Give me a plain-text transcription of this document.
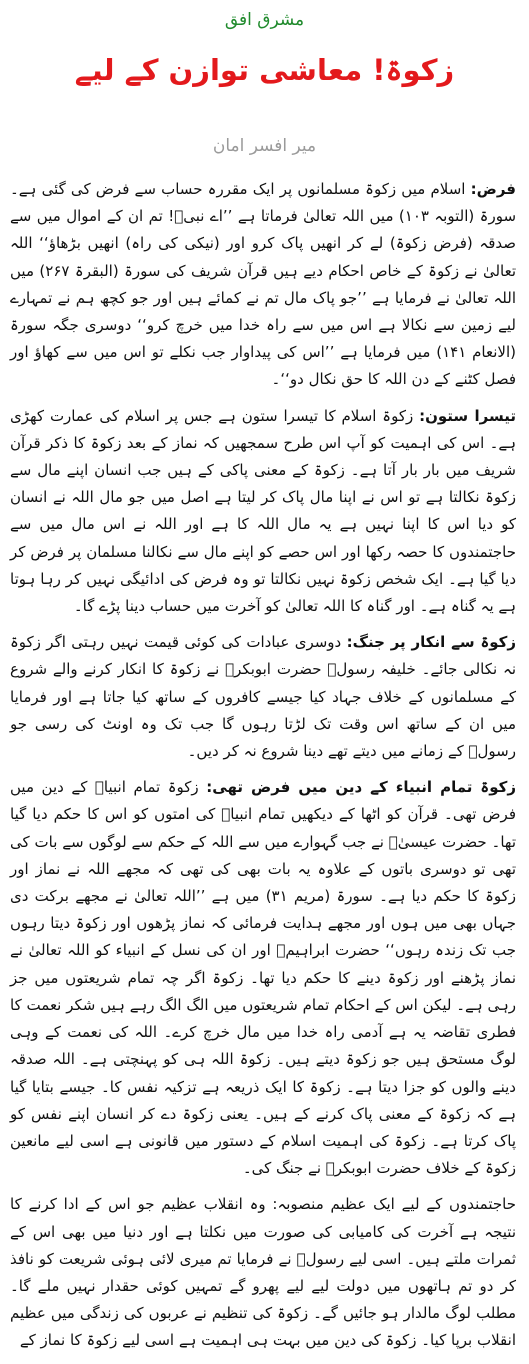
مشرق افق
زکوۃ! معاشی توازن کے لیے
میر افسر امان

فرض: اسلام میں زکوۃ مسلمانوں پر ایک مقررہ حساب سے فرض کی گئی ہے۔ سورۃ (التوبہ ۱۰۳) میں اللہ تعالیٰ فرماتا ہے ’’اے نبیؐ! تم ان کے اموال میں سے صدقہ (فرض زکوۃ) لے کر انھیں پاک کرو اور (نیکی کی راہ) انھیں بڑھاؤ‘‘ اللہ تعالیٰ نے زکوۃ کے خاص احکام دیے ہیں قرآن شریف کی سورۃ (البقرۃ ۲۶۷) میں اللہ تعالیٰ نے فرمایا ہے ’’جو پاک مال تم نے کمائے ہیں اور جو کچھ ہم نے تمہارے لیے زمین سے نکالا ہے اس میں سے راہ خدا میں خرچ کرو‘‘ دوسری جگہ سورۃ (الانعام ۱۴۱) میں فرمایا ہے ’’اس کی پیداوار جب نکلے تو اس میں سے کھاؤ اور فصل کٹنے کے دن اللہ کا حق نکال دو‘‘۔

تیسرا ستون: زکوۃ اسلام کا تیسرا ستون ہے جس پر اسلام کی عمارت کھڑی ہے۔ اس کی اہمیت کو آپ اس طرح سمجھیں کہ نماز کے بعد زکوۃ کا ذکر قرآن شریف میں بار بار آتا ہے۔ زکوۃ کے معنی پاکی کے ہیں جب انسان اپنے مال سے زکوۃ نکالتا ہے تو اس نے اپنا مال پاک کر لیتا ہے اصل میں جو مال اللہ نے انسان کو دیا اس کا اپنا نہیں ہے یہ مال اللہ کا ہے اور اللہ نے اس مال میں سے حاجتمندوں کا حصہ رکھا اور اس حصے کو اپنے مال سے نکالنا مسلمان پر فرض کر دیا گیا ہے۔ ایک شخص زکوۃ نہیں نکالتا تو وہ فرض کی ادائیگی نہیں کر رہا ہوتا ہے یہ گناہ ہے۔ اور گناہ کا اللہ تعالیٰ کو آخرت میں حساب دینا پڑے گا۔

زکوۃ سے انکار پر جنگ: دوسری عبادات کی کوئی قیمت نہیں رہتی اگر زکوۃ نہ نکالی جائے۔ خلیفہ رسولؐ حضرت ابوبکرؓ نے زکوۃ کا انکار کرنے والے شروع کے مسلمانوں کے خلاف جہاد کیا جیسے کافروں کے ساتھ کیا جاتا ہے اور فرمایا میں ان کے ساتھ اس وقت تک لڑتا رہوں گا جب تک وہ اونٹ کی رسی جو رسولؐ کے زمانے میں دیتے تھے دینا شروع نہ کر دیں۔

زکوۃ تمام انبیاء کے دین میں فرض تھی: زکوۃ تمام انبیاؑ کے دین میں فرض تھی۔ قرآن کو اٹھا کے دیکھیں تمام انبیاؑ کی امتوں کو اس کا حکم دیا گیا تھا۔ حضرت عیسیٰؑ نے جب گہوارے میں سے اللہ کے حکم سے لوگوں سے بات کی تھی تو دوسری باتوں کے علاوہ یہ بات بھی کی تھی کہ مجھے اللہ نے نماز اور زکوۃ کا حکم دیا ہے۔ سورۃ (مریم ۳۱) میں ہے ’’اللہ تعالیٰ نے مجھے برکت دی جہاں بھی میں ہوں اور مجھے ہدایت فرمائی کہ نماز پڑھوں اور زکوۃ دیتا رہوں جب تک زندہ رہوں‘‘ حضرت ابراہیمؑ اور ان کی نسل کے انبیاء کو اللہ تعالیٰ نے نماز پڑھنے اور زکوۃ دینے کا حکم دیا تھا۔ زکوۃ اگر چہ تمام شریعتوں میں جز رہی ہے۔ لیکن اس کے احکام تمام شریعتوں میں الگ الگ رہے ہیں شکر نعمت کا فطری تقاضہ یہ ہے آدمی راہ خدا میں مال خرچ کرے۔ اللہ کی نعمت کے وہی لوگ مستحق ہیں جو زکوۃ دیتے ہیں۔ زکوۃ اللہ ہی کو پہنچتی ہے۔ اللہ صدقہ دینے والوں کو جزا دیتا ہے۔ زکوۃ کا ایک ذریعہ ہے تزکیہ نفس کا۔ جیسے بتایا گیا ہے کہ زکوۃ کے معنی پاک کرنے کے ہیں۔ یعنی زکوۃ دے کر انسان اپنے نفس کو پاک کرتا ہے۔ زکوۃ کی اہمیت اسلام کے دستور میں قانونی ہے اسی لیے مانعین زکوۃ کے خلاف حضرت ابوبکرؓ نے جنگ کی۔

حاجتمندوں کے لیے ایک عظیم منصوبہ: وہ انقلاب عظیم جو اس کے ادا کرنے کا نتیجہ ہے آخرت کی کامیابی کی صورت میں نکلتا ہے اور دنیا میں بھی اس کے ثمرات ملتے ہیں۔ اسی لیے رسولؐ نے فرمایا تم میری لائی ہوئی شریعت کو نافذ کر دو تم ہاتھوں میں دولت لیے لیے پھرو گے تمہیں کوئی حقدار نہیں ملے گا۔ مطلب لوگ مالدار ہو جائیں گے۔ زکوۃ کی تنظیم نے عربوں کی زندگی میں عظیم انقلاب برپا کیا۔ زکوۃ کی دین میں بہت ہی اہمیت ہے اسی لیے زکوۃ کا نماز کے
